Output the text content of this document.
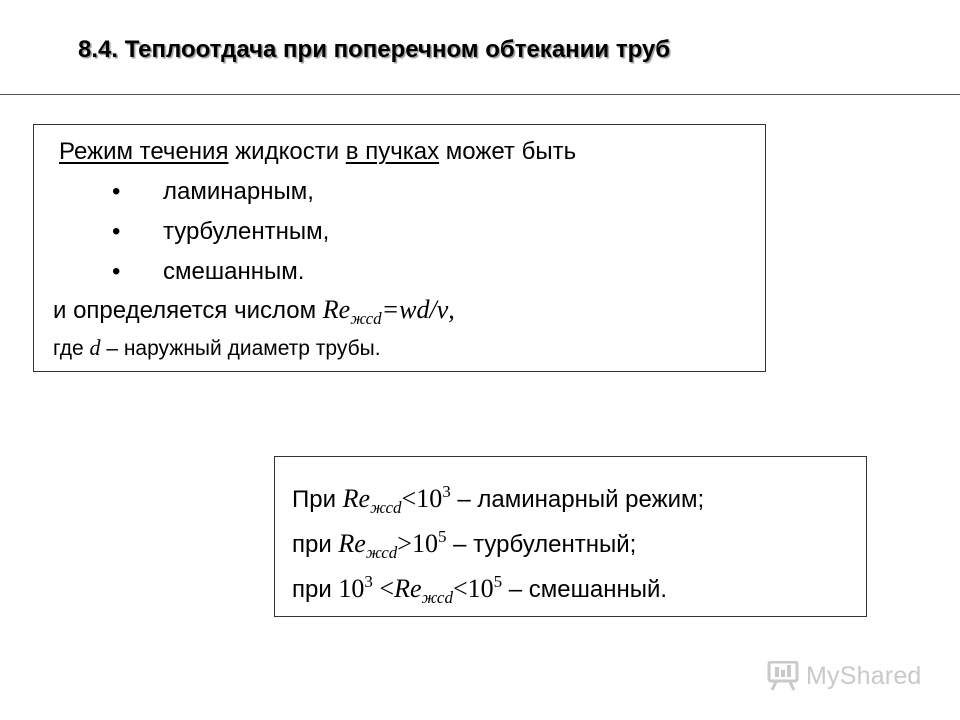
8.4. Теплоотдача при поперечном обтекании труб
Режим течения жидкости в пучках может быть
• ламинарным,
• турбулентным,
• смешанным.
и определяется числом $Re_{жсd}=wd/\nu$,
где d – наружный диаметр трубы.
При $Re_{жсd}<10^3$ – ламинарный режим;
при $Re_{жсd}>10^5$ – турбулентный;
при $10^3 <Re_{жсd}<10^5$ – смешанный.
MyShared
